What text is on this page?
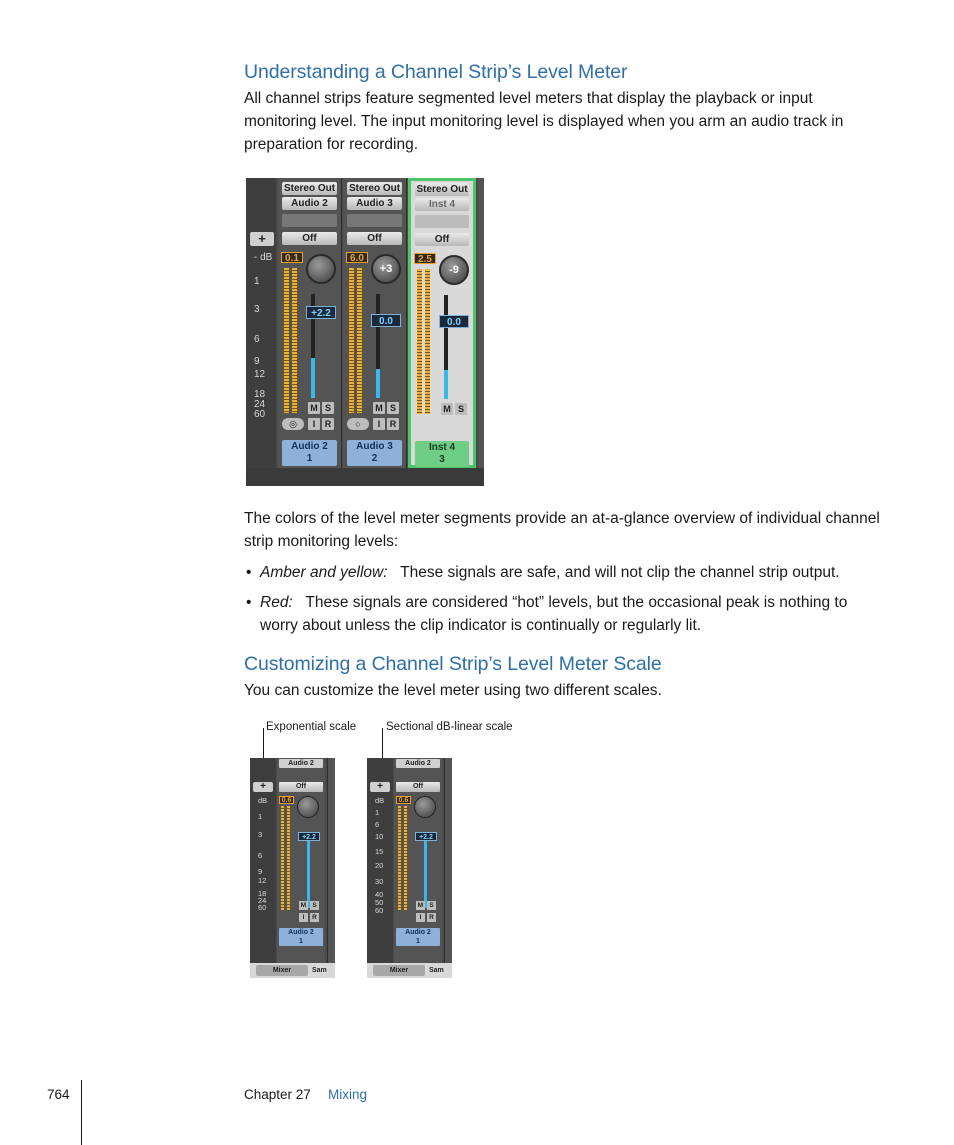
Understanding a Channel Strip’s Level Meter

All channel strips feature segmented level meters that display the playback or input monitoring level. The input monitoring level is displayed when you arm an audio track in preparation for recording.

+
- dB
1
3
6
9
12
18
24
60
Stereo Out
Audio 2
Off
0.1
+2.2
M S
◎	I	R
Audio 2
1
Stereo Out
Audio 3
Off
6.0
+3
0.0
M S
○	I	R
Audio 3
2
Stereo Out
Inst 4
Off
2.5
-9
0.0
M S
Inst 4
3

The colors of the level meter segments provide an at-a-glance overview of individual channel strip monitoring levels:

• Amber and yellow: These signals are safe, and will not clip the channel strip output.
• Red: These signals are considered “hot” levels, but the occasional peak is nothing to worry about unless the clip indicator is continually or regularly lit.
Customizing a Channel Strip’s Level Meter Scale

You can customize the level meter using two different scales.

Exponential scale	Sectional dB-linear scale
+
dB
1
3
6
9
12
18
24
60
Audio 2
Off
0.6
+2.2
M S
I	R
Audio 2
1
Mixer	Sam
+
dB
1
6
10
15
20
30
40
50
60
Audio 2
Off
0.6
+2.2
M S
I	R
Audio 2
1
Mixer	Sam
764	Chapter 27 Mixing
